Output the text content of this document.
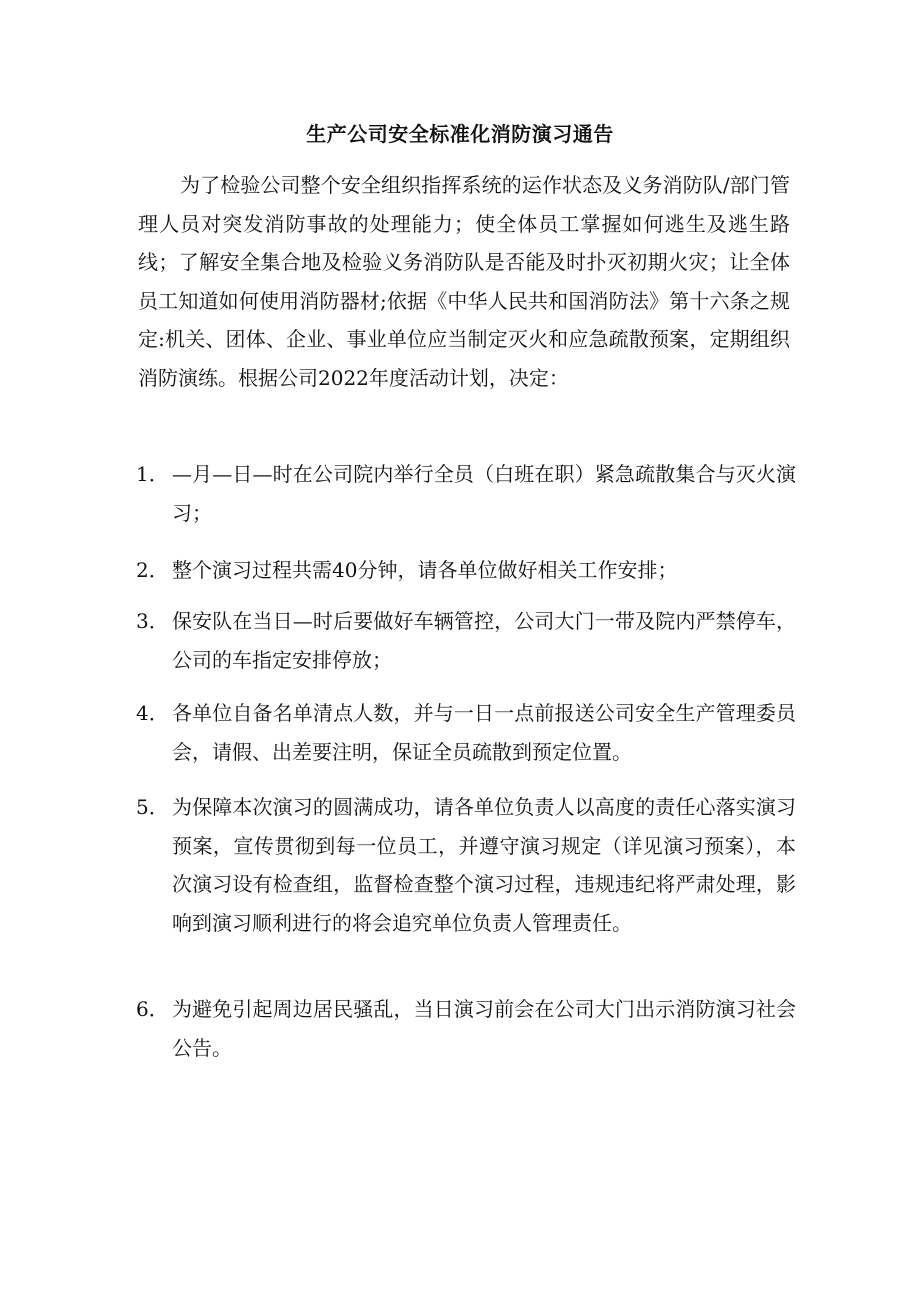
生产公司安全标准化消防演习通告

为了检验公司整个安全组织指挥系统的运作状态及义务消防队/部门管理人员对突发消防事故的处理能力；使全体员工掌握如何逃生及逃生路线；了解安全集合地及检验义务消防队是否能及时扑灭初期火灾；让全体员工知道如何使用消防器材;依据《中华人民共和国消防法》第十六条之规定:机关、团体、企业、事业单位应当制定灭火和应急疏散预案，定期组织消防演练。根据公司2022年度活动计划，决定：

1． —月—日—时在公司院内举行全员（白班在职）紧急疏散集合与灭火演习；
2． 整个演习过程共需40分钟，请各单位做好相关工作安排；
3． 保安队在当日—时后要做好车辆管控，公司大门一带及院内严禁停车，公司的车指定安排停放；
4． 各单位自备名单清点人数，并与一日一点前报送公司安全生产管理委员会，请假、出差要注明，保证全员疏散到预定位置。
5． 为保障本次演习的圆满成功，请各单位负责人以高度的责任心落实演习预案，宣传贯彻到每一位员工，并遵守演习规定（详见演习预案），本次演习设有检查组，监督检查整个演习过程，违规违纪将严肃处理，影响到演习顺利进行的将会追究单位负责人管理责任。
6． 为避免引起周边居民骚乱，当日演习前会在公司大门出示消防演习社会公告。
